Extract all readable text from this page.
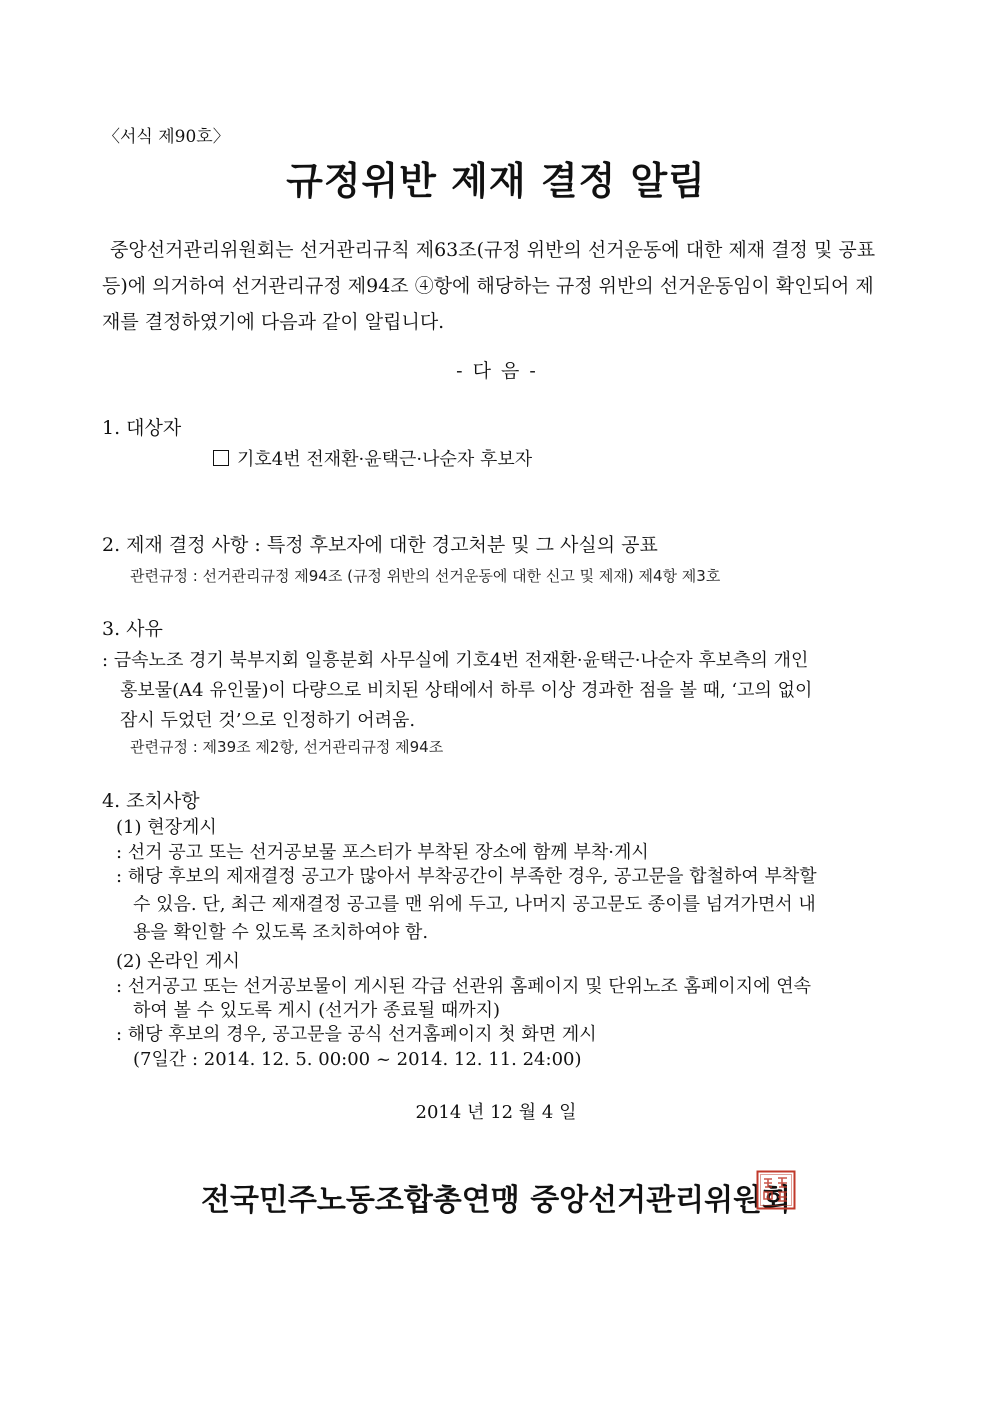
〈서식 제90호〉
규정위반 제재 결정 알림
중앙선거관리위원회는 선거관리규칙 제63조(규정 위반의 선거운동에 대한 제재 결정 및 공표
등)에 의거하여 선거관리규정 제94조 ④항에 해당하는 규정 위반의 선거운동임이 확인되어 제
재를 결정하였기에 다음과 같이 알립니다.
- 다 음 -
1. 대상자
기호4번 전재환·윤택근·나순자 후보자
2. 제재 결정 사항 : 특정 후보자에 대한 경고처분 및 그 사실의 공표
관련규정 : 선거관리규정 제94조 (규정 위반의 선거운동에 대한 신고 및 제재) 제4항 제3호
3. 사유
: 금속노조 경기 북부지회 일흥분회 사무실에 기호4번 전재환·윤택근·나순자 후보측의 개인
홍보물(A4 유인물)이 다량으로 비치된 상태에서 하루 이상 경과한 점을 볼 때, ‘고의 없이
잠시 두었던 것’으로 인정하기 어려움.
관련규정 : 제39조 제2항, 선거관리규정 제94조
4. 조치사항
(1) 현장게시
: 선거 공고 또는 선거공보물 포스터가 부착된 장소에 함께 부착·게시
: 해당 후보의 제재결정 공고가 많아서 부착공간이 부족한 경우, 공고문을 합철하여 부착할
수 있음. 단, 최근 제재결정 공고를 맨 위에 두고, 나머지 공고문도 종이를 넘겨가면서 내
용을 확인할 수 있도록 조치하여야 함.
(2) 온라인 게시
: 선거공고 또는 선거공보물이 게시된 각급 선관위 홈페이지 및 단위노조 홈페이지에 연속
하여 볼 수 있도록 게시 (선거가 종료될 때까지)
: 해당 후보의 경우, 공고문을 공식 선거홈페이지 첫 화면 게시
(7일간 : 2014. 12. 5. 00:00 ~ 2014. 12. 11. 24:00)
2014 년 12 월 4 일
전국민주노동조합총연맹 중앙선거관리위원회
